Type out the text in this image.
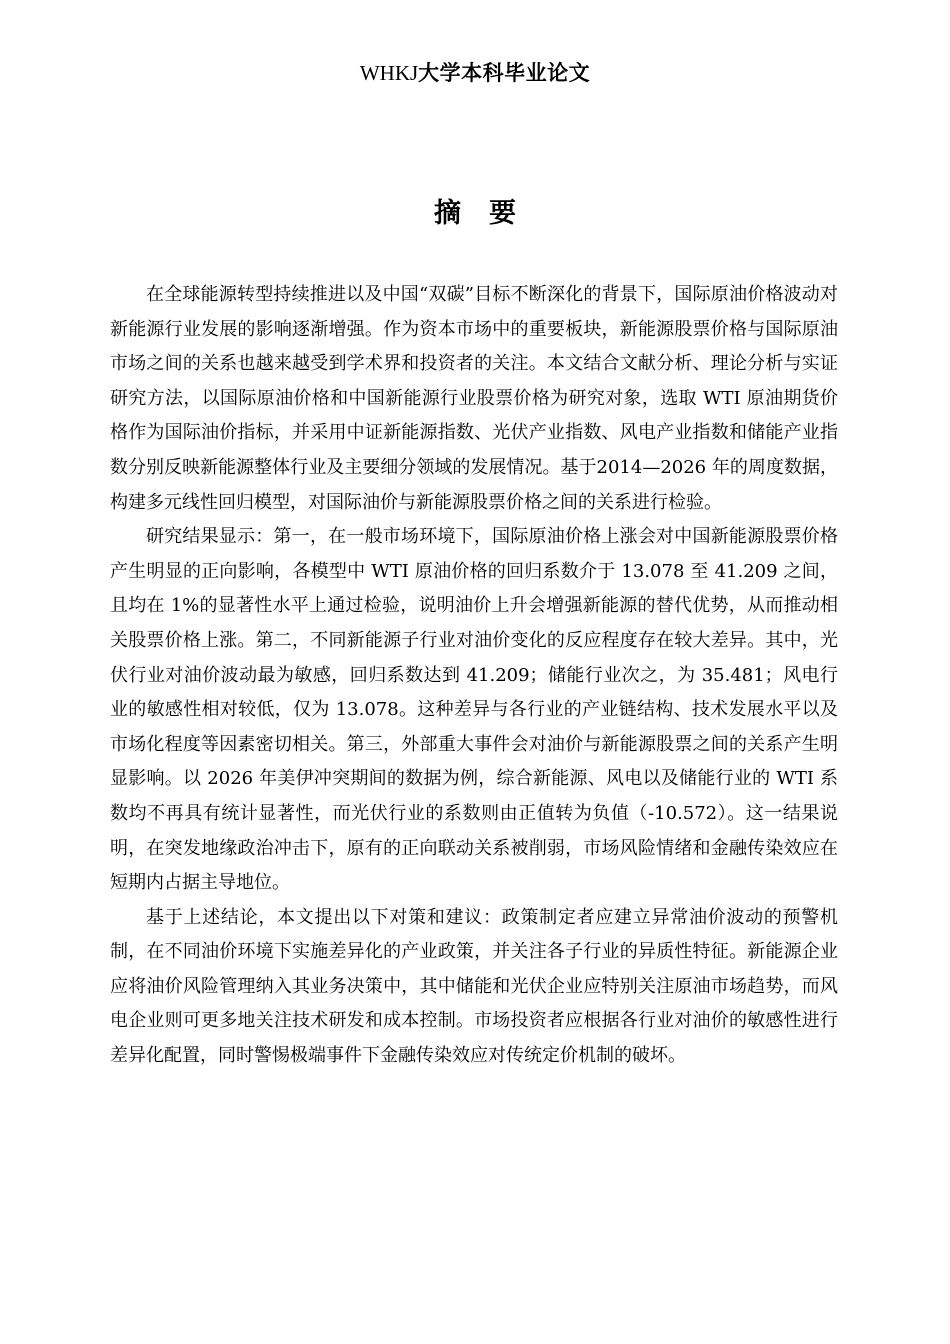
WHKJ大学本科毕业论文
摘要

在全球能源转型持续推进以及中国“双碳”目标不断深化的背景下，国际原油价格波动对新能源行业发展的影响逐渐增强。作为资本市场中的重要板块，新能源股票价格与国际原油市场之间的关系也越来越受到学术界和投资者的关注。本文结合文献分析、理论分析与实证研究方法，以国际原油价格和中国新能源行业股票价格为研究对象，选取 WTI 原油期货价格作为国际油价指标，并采用中证新能源指数、光伏产业指数、风电产业指数和储能产业指数分别反映新能源整体行业及主要细分领域的发展情况。基于2014—2026 年的周度数据，构建多元线性回归模型，对国际油价与新能源股票价格之间的关系进行检验。

研究结果显示：第一，在一般市场环境下，国际原油价格上涨会对中国新能源股票价格产生明显的正向影响，各模型中 WTI 原油价格的回归系数介于 13.078 至 41.209 之间，且均在 1%的显著性水平上通过检验，说明油价上升会增强新能源的替代优势，从而推动相关股票价格上涨。第二，不同新能源子行业对油价变化的反应程度存在较大差异。其中，光伏行业对油价波动最为敏感，回归系数达到 41.209；储能行业次之，为 35.481；风电行业的敏感性相对较低，仅为 13.078。这种差异与各行业的产业链结构、技术发展水平以及市场化程度等因素密切相关。第三，外部重大事件会对油价与新能源股票之间的关系产生明显影响。以 2026 年美伊冲突期间的数据为例，综合新能源、风电以及储能行业的 WTI 系数均不再具有统计显著性，而光伏行业的系数则由正值转为负值（-10.572）。这一结果说明，在突发地缘政治冲击下，原有的正向联动关系被削弱，市场风险情绪和金融传染效应在短期内占据主导地位。

基于上述结论，本文提出以下对策和建议：政策制定者应建立异常油价波动的预警机制，在不同油价环境下实施差异化的产业政策，并关注各子行业的异质性特征。新能源企业应将油价风险管理纳入其业务决策中，其中储能和光伏企业应特别关注原油市场趋势，而风电企业则可更多地关注技术研发和成本控制。市场投资者应根据各行业对油价的敏感性进行差异化配置，同时警惕极端事件下金融传染效应对传统定价机制的破坏。
